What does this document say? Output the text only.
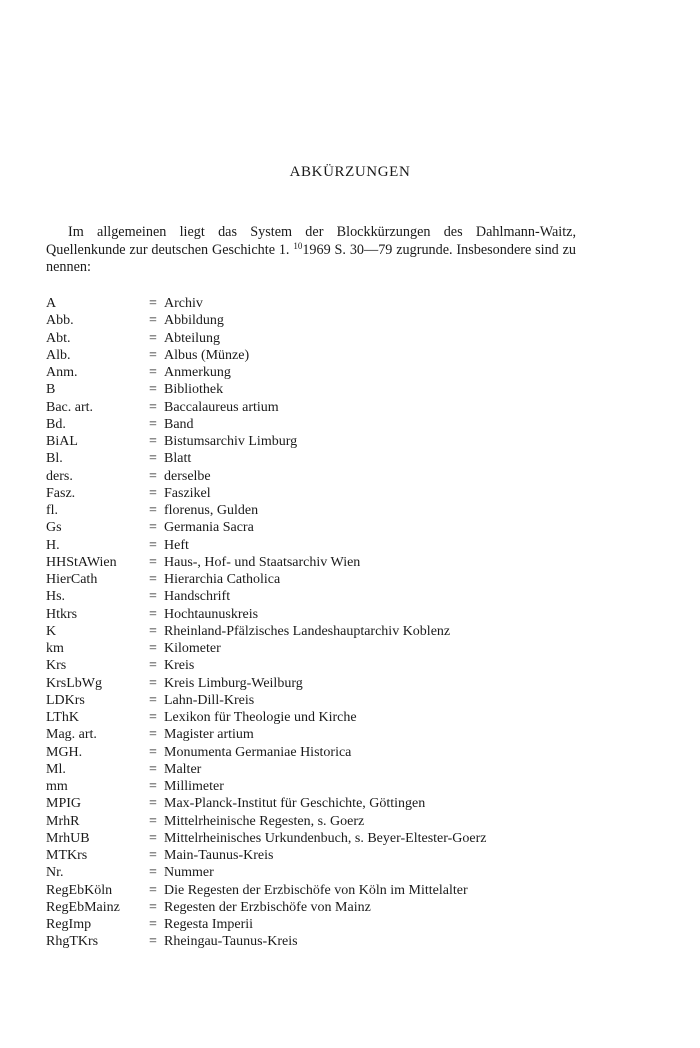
ABKÜRZUNGEN

Im allgemeinen liegt das System der Blockkürzungen des Dahlmann-Waitz, Quellenkunde zur deutschen Geschichte 1. $^{10}$1969 S. 30—79 zugrunde. Insbesondere sind zu nennen:

A	= Archiv
Abb.	= Abbildung
Abt.	= Abteilung
Alb.	= Albus (Münze)
Anm.	= Anmerkung
B	= Bibliothek
Bac. art.	= Baccalaureus artium
Bd.	= Band
BiAL	= Bistumsarchiv Limburg
Bl.	= Blatt
ders.	= derselbe
Fasz.	= Faszikel
fl.	= florenus, Gulden
Gs	= Germania Sacra
H.	= Heft
HHStAWien	= Haus-, Hof- und Staatsarchiv Wien
HierCath	= Hierarchia Catholica
Hs.	= Handschrift
Htkrs	= Hochtaunuskreis
K	= Rheinland-Pfälzisches Landeshauptarchiv Koblenz
km	= Kilometer
Krs	= Kreis
KrsLbWg	= Kreis Limburg-Weilburg
LDKrs	= Lahn-Dill-Kreis
LThK	= Lexikon für Theologie und Kirche
Mag. art.	= Magister artium
MGH.	= Monumenta Germaniae Historica
Ml.	= Malter
mm	= Millimeter
MPIG	= Max-Planck-Institut für Geschichte, Göttingen
MrhR	= Mittelrheinische Regesten, s. Goerz
MrhUB	= Mittelrheinisches Urkundenbuch, s. Beyer-Eltester-Goerz
MTKrs	= Main-Taunus-Kreis
Nr.	= Nummer
RegEbKöln	= Die Regesten der Erzbischöfe von Köln im Mittelalter
RegEbMainz	= Regesten der Erzbischöfe von Mainz
RegImp	= Regesta Imperii
RhgTKrs	= Rheingau-Taunus-Kreis
